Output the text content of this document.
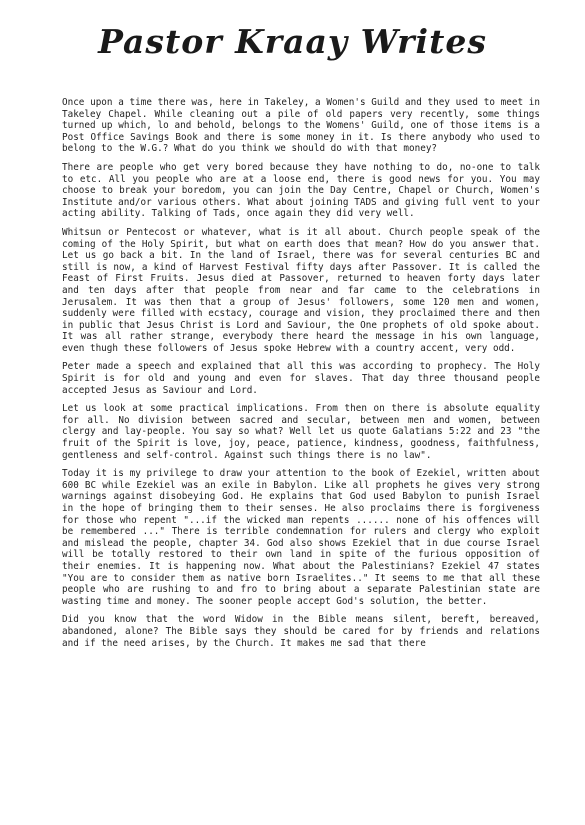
Pastor Kraay Writes

Once upon a time there was, here in Takeley, a Women's Guild and they used to meet in Takeley Chapel. While cleaning out a pile of old papers very recently, some things turned up which, lo and behold, belongs to the Womens' Guild, one of those items is a Post Office Savings Book and there is some money in it. Is there anybody who used to belong to the W.G.? What do you think we should do with that money?

There are people who get very bored because they have nothing to do, no-one to talk to etc. All you people who are at a loose end, there is good news for you. You may choose to break your boredom, you can join the Day Centre, Chapel or Church, Women's Institute and/or various others. What about joining TADS and giving full vent to your acting ability. Talking of Tads, once again they did very well.

Whitsun or Pentecost or whatever, what is it all about. Church people speak of the coming of the Holy Spirit, but what on earth does that mean? How do you answer that. Let us go back a bit. In the land of Israel, there was for several centuries BC and still is now, a kind of Harvest Festival fifty days after Passover. It is called the Feast of First Fruits. Jesus died at Passover, returned to heaven forty days later and ten days after that people from near and far came to the celebrations in Jerusalem. It was then that a group of Jesus' followers, some 120 men and women, suddenly were filled with ecstacy, courage and vision, they proclaimed there and then in public that Jesus Christ is Lord and Saviour, the One prophets of old spoke about. It was all rather strange, everybody there heard the message in his own language, even thugh these followers of Jesus spoke Hebrew with a country accent, very odd.

Peter made a speech and explained that all this was according to prophecy. The Holy Spirit is for old and young and even for slaves. That day three thousand people accepted Jesus as Saviour and Lord.

Let us look at some practical implications. From then on there is absolute equality for all. No division between sacred and secular, between men and women, between clergy and lay-people. You say so what? Well let us quote Galatians 5:22 and 23 "the fruit of the Spirit is love, joy, peace, patience, kindness, goodness, faithfulness, gentleness and self-control. Against such things there is no law".

Today it is my privilege to draw your attention to the book of Ezekiel, written about 600 BC while Ezekiel was an exile in Babylon. Like all prophets he gives very strong warnings against disobeying God. He explains that God used Babylon to punish Israel in the hope of bringing them to their senses. He also proclaims there is forgiveness for those who repent "...if the wicked man repents ...... none of his offences will be remembered ..." There is terrible condemnation for rulers and clergy who exploit and mislead the people, chapter 34. God also shows Ezekiel that in due course Israel will be totally restored to their own land in spite of the furious opposition of their enemies. It is happening now. What about the Palestinians? Ezekiel 47 states "You are to consider them as native born Israelites.." It seems to me that all these people who are rushing to and fro to bring about a separate Palestinian state are wasting time and money. The sooner people accept God's solution, the better.

Did you know that the word Widow in the Bible means silent, bereft, bereaved, abandoned, alone? The Bible says they should be cared for by friends and relations and if the need arises, by the Church. It makes me sad that there
